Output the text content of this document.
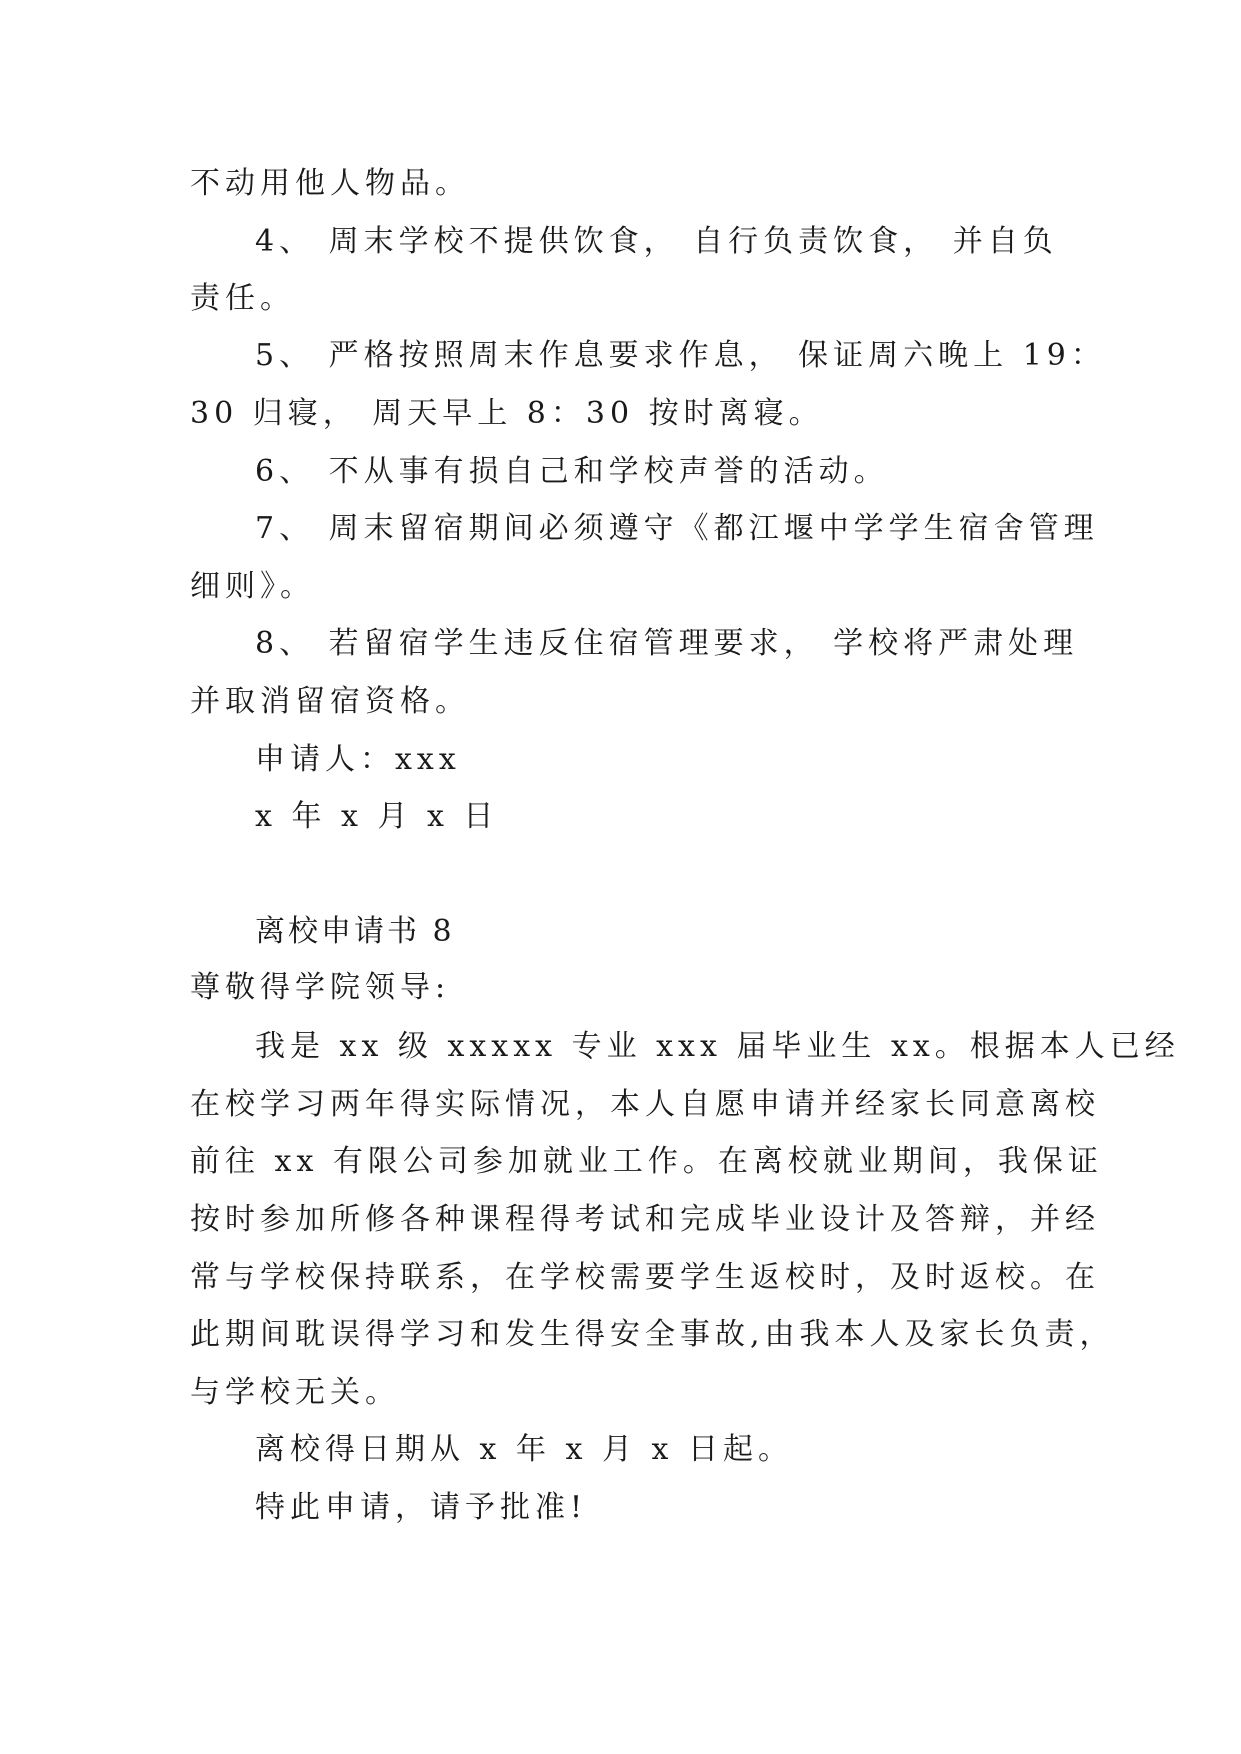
不动用他人物品。
4、 周末学校不提供饮食， 自行负责饮食， 并自负
责任。
5、 严格按照周末作息要求作息， 保证周六晚上 19：
30 归寝， 周天早上 8：30 按时离寝。
6、 不从事有损自己和学校声誉的活动。
7、 周末留宿期间必须遵守《都江堰中学学生宿舍管理
细则》。
8、 若留宿学生违反住宿管理要求， 学校将严肃处理
并取消留宿资格。
申请人：xxx
x 年 x 月 x 日
离校申请书 8
尊敬得学院领导:
我是 xx 级 xxxxx 专业 xxx 届毕业生 xx。根据本人已经
在校学习两年得实际情况，本人自愿申请并经家长同意离校
前往 xx 有限公司参加就业工作。在离校就业期间，我保证
按时参加所修各种课程得考试和完成毕业设计及答辩，并经
常与学校保持联系，在学校需要学生返校时，及时返校。在
此期间耽误得学习和发生得安全事故,由我本人及家长负责，
与学校无关。
离校得日期从 x 年 x 月 x 日起。
特此申请，请予批准!
